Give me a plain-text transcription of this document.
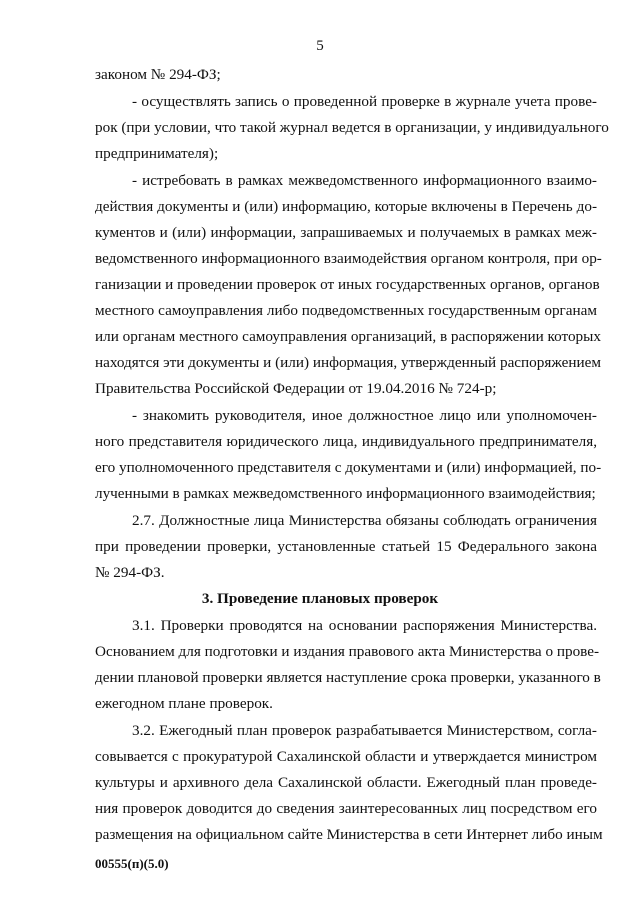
5
законом № 294-ФЗ;
- осуществлять запись о проведенной проверке в журнале учета прове-
рок (при условии, что такой журнал ведется в организации, у индивидуального
предпринимателя);
- истребовать в рамках межведомственного информационного взаимо-
действия документы и (или) информацию, которые включены в Перечень до-
кументов и (или) информации, запрашиваемых и получаемых в рамках меж-
ведомственного информационного взаимодействия органом контроля, при ор-
ганизации и проведении проверок от иных государственных органов, органов
местного самоуправления либо подведомственных государственным органам
или органам местного самоуправления организаций, в распоряжении которых
находятся эти документы и (или) информация, утвержденный распоряжением
Правительства Российской Федерации от 19.04.2016 № 724-р;
- знакомить руководителя, иное должностное лицо или уполномочен-
ного представителя юридического лица, индивидуального предпринимателя,
его уполномоченного представителя с документами и (или) информацией, по-
лученными в рамках межведомственного информационного взаимодействия;
2.7. Должностные лица Министерства обязаны соблюдать ограничения
при проведении проверки, установленные статьей 15 Федерального закона
№ 294-ФЗ.
3. Проведение плановых проверок
3.1. Проверки проводятся на основании распоряжения Министерства.
Основанием для подготовки и издания правового акта Министерства о прове-
дении плановой проверки является наступление срока проверки, указанного в
ежегодном плане проверок.
3.2. Ежегодный план проверок разрабатывается Министерством, согла-
совывается с прокуратурой Сахалинской области и утверждается министром
культуры и архивного дела Сахалинской области. Ежегодный план проведе-
ния проверок доводится до сведения заинтересованных лиц посредством его
размещения на официальном сайте Министерства в сети Интернет либо иным
00555(п)(5.0)
